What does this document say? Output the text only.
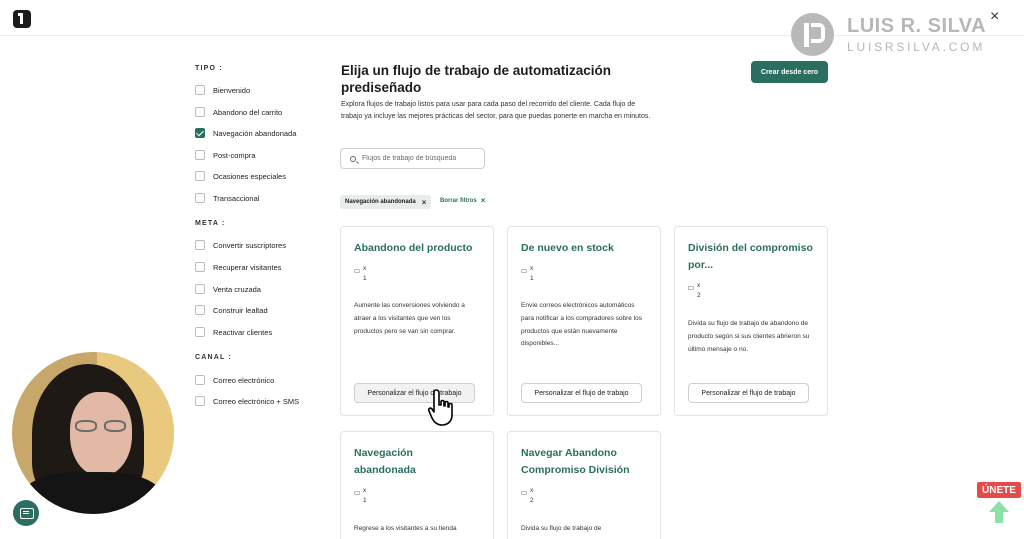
×
LUIS R. SILVA
LUISRSILVA.COM
TIPO :
Bienvenido
Abandono del carrito
Navegación abandonada
Post-compra
Ocasiones especiales
Transaccional
META :
Convertir suscriptores
Recuperar visitantes
Venta cruzada
Construir lealtad
Reactivar clientes
CANAL :
Correo electrónico
Correo electrónico + SMS
Elija un flujo de trabajo de automatización prediseñado
Explora flujos de trabajo listos para usar para cada paso del recorrido del cliente. Cada flujo de trabajo ya incluye las mejores prácticas del sector, para que puedas ponerte en marcha en minutos.
Crear desde cero
Flujos de trabajo de búsqueda
Navegación abandonada × Borrar filtros ×
Abandono del producto
x
1
Aumente las conversiones volviendo a atraer a los visitantes que ven los productos pero se van sin comprar.
Personalizar el flujo de trabajo
De nuevo en stock
x
1
Envíe correos electrónicos automáticos para notificar a los compradores sobre los productos que están nuevamente disponibles...
Personalizar el flujo de trabajo
División del compromiso por...
x
2
Divida su flujo de trabajo de abandono de producto según si sus clientes abrieron su último mensaje o no.
Personalizar el flujo de trabajo
Navegación abandonada
x
1
Regrese a los visitantes a su tienda
Navegar Abandono Compromiso División
x
2
Divida su flujo de trabajo de
ÚNETE
